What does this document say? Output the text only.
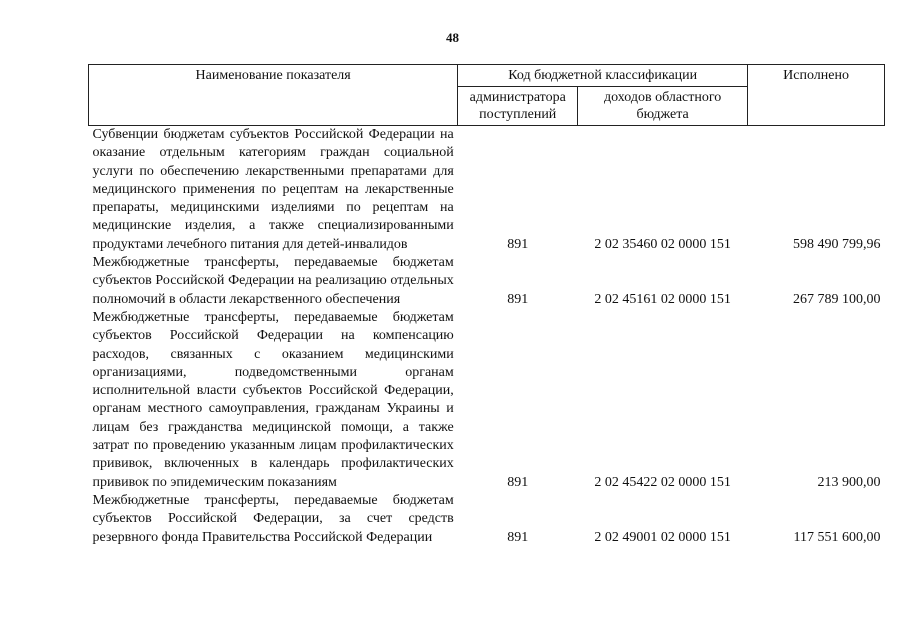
48
Наименование показателя	Код бюджетной классификации		Исполнено
	администратора поступлений	доходов областного бюджета	
Субвенции бюджетам субъектов Российской Федерации на оказание отдельным категориям граждан социальной услуги по обеспечению лекарственными препаратами для медицинского применения по рецептам на лекарственные препараты, медицинскими изделиями по рецептам на медицинские изделия, а также специализированными продуктами лечебного питания для детей-инвалидов	891	2 02 35460 02 0000 151	598 490 799,96
Межбюджетные трансферты, передаваемые бюджетам субъектов Российской Федерации на реализацию отдельных полномочий в области лекарственного обеспечения	891	2 02 45161 02 0000 151	267 789 100,00
Межбюджетные трансферты, передаваемые бюджетам субъектов Российской Федерации на компенсацию расходов, связанных с оказанием медицинскими организациями, подведомственными органам исполнительной власти субъектов Российской Федерации, органам местного самоуправления, гражданам Украины и лицам без гражданства медицинской помощи, а также затрат по проведению указанным лицам профилактических прививок, включенных в календарь профилактических прививок по эпидемическим показаниям	891	2 02 45422 02 0000 151	213 900,00
Межбюджетные трансферты, передаваемые бюджетам субъектов Российской Федерации, за счет средств резервного фонда Правительства Российской Федерации	891	2 02 49001 02 0000 151	117 551 600,00
